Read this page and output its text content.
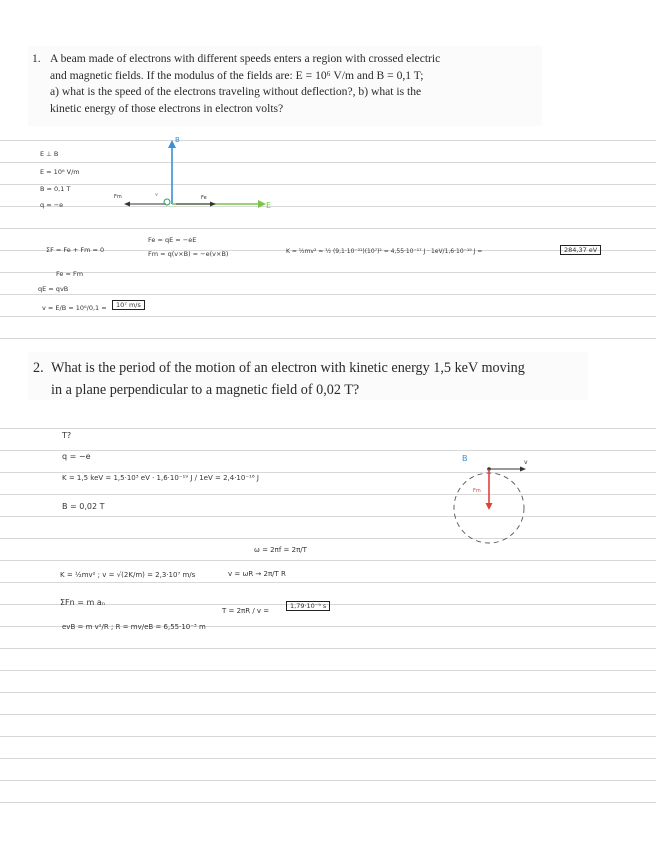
1. A beam made of electrons with different speeds enters a region with crossed electric
and magnetic fields. If the modulus of the fields are: E = 10⁶ V/m and B = 0,1 T;
a) what is the speed of the electrons traveling without deflection?, b) what is the
kinetic energy of those electrons in electron volts?
E ⊥ B
E = 10⁶ V/m
B = 0,1 T
q = −e
B
E
Fm	Fe
v
ΣF = Fe + Fm = 0
Fe = qE = −eE
Fm = q(v×B) = −e(v×B)	K = ½mv² = ½ (9,1·10⁻³¹)(10⁷)² = 4,55·10⁻¹⁷ J · 1eV/1,6·10⁻¹⁹ J =	284,37 eV
Fe = Fm
qE = qvB
v = E/B = 10⁶/0,1 =	10⁷ m/s
2. What is the period of the motion of an electron with kinetic energy 1,5 keV moving
in a plane perpendicular to a magnetic field of 0,02 T?
T?
q = −e
K = 1,5 keV = 1,5·10³ eV · 1,6·10⁻¹⁹ J / 1eV = 2,4·10⁻¹⁶ J
B = 0,02 T
B	v
Fm
ω = 2πf = 2π/T
K = ½mv² ; v = √(2K/m) = 2,3·10⁷ m/s	v = ωR → 2π/T R
ΣFn = m aₙ
T = 2πR / v =
1,79·10⁻⁹ s
evB = m v²/R ; R = mv/eB = 6,55·10⁻³ m
